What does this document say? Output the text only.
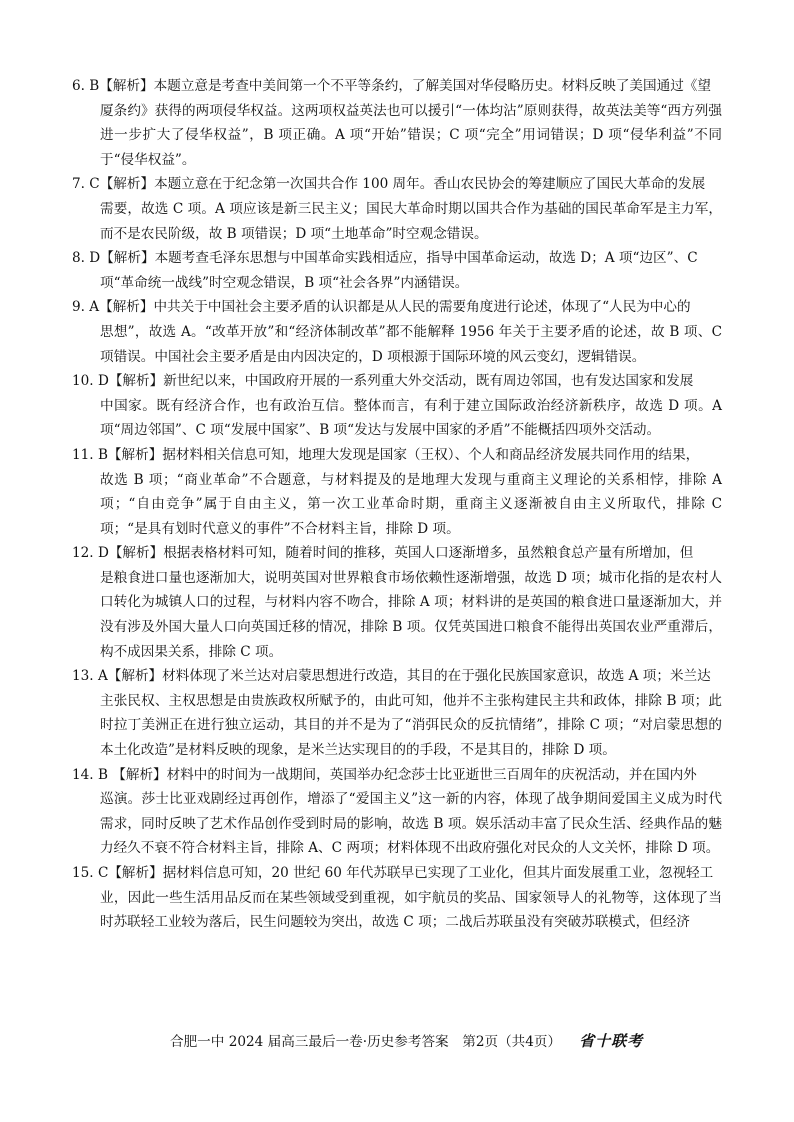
6. B【解析】本题立意是考查中美间第一个不平等条约，了解美国对华侵略历史。材料反映了美国通过《望
厦条约》获得的两项侵华权益。这两项权益英法也可以援引“一体均沾”原则获得，故英法美等“西方列强进一步扩大了侵华权益”，B 项正确。A 项“开始”错误；C 项“完全”用词错误；D 项“侵华利益”不同于“侵华权益”。
7. C【解析】本题立意在于纪念第一次国共合作 100 周年。香山农民协会的筹建顺应了国民大革命的发展
需要，故选 C 项。A 项应该是新三民主义；国民大革命时期以国共合作为基础的国民革命军是主力军，而不是农民阶级，故 B 项错误；D 项“土地革命”时空观念错误。
8. D【解析】本题考查毛泽东思想与中国革命实践相适应，指导中国革命运动，故选 D；A 项“边区”、C
项“革命统一战线”时空观念错误，B 项“社会各界”内涵错误。
9. A【解析】中共关于中国社会主要矛盾的认识都是从人民的需要角度进行论述，体现了“人民为中心的
思想”，故选 A。“改革开放”和“经济体制改革”都不能解释 1956 年关于主要矛盾的论述，故 B 项、C 项错误。中国社会主要矛盾是由内因决定的，D 项根源于国际环境的风云变幻，逻辑错误。
10. D【解析】新世纪以来，中国政府开展的一系列重大外交活动，既有周边邻国，也有发达国家和发展
中国家。既有经济合作，也有政治互信。整体而言，有利于建立国际政治经济新秩序，故选 D 项。A 项“周边邻国”、C 项“发展中国家”、B 项“发达与发展中国家的矛盾”不能概括四项外交活动。
11. B【解析】据材料相关信息可知，地理大发现是国家（王权）、个人和商品经济发展共同作用的结果，
故选 B 项；“商业革命”不合题意，与材料提及的是地理大发现与重商主义理论的关系相悖，排除 A 项；“自由竞争”属于自由主义，第一次工业革命时期，重商主义逐渐被自由主义所取代，排除 C 项；“是具有划时代意义的事件”不合材料主旨，排除 D 项。
12. D【解析】根据表格材料可知，随着时间的推移，英国人口逐渐增多，虽然粮食总产量有所增加，但
是粮食进口量也逐渐加大，说明英国对世界粮食市场依赖性逐渐增强，故选 D 项；城市化指的是农村人口转化为城镇人口的过程，与材料内容不吻合，排除 A 项；材料讲的是英国的粮食进口量逐渐加大，并没有涉及外国大量人口向英国迁移的情况，排除 B 项。仅凭英国进口粮食不能得出英国农业严重滞后，构不成因果关系，排除 C 项。
13. A【解析】材料体现了米兰达对启蒙思想进行改造，其目的在于强化民族国家意识，故选 A 项；米兰达
主张民权、主权思想是由贵族政权所赋予的，由此可知，他并不主张构建民主共和政体，排除 B 项；此时拉丁美洲正在进行独立运动，其目的并不是为了“消弭民众的反抗情绪”，排除 C 项；“对启蒙思想的本土化改造”是材料反映的现象，是米兰达实现目的的手段，不是其目的，排除 D 项。
14. B 【解析】材料中的时间为一战期间，英国举办纪念莎士比亚逝世三百周年的庆祝活动，并在国内外
巡演。莎士比亚戏剧经过再创作，增添了“爱国主义”这一新的内容，体现了战争期间爱国主义成为时代需求，同时反映了艺术作品创作受到时局的影响，故选 B 项。娱乐活动丰富了民众生活、经典作品的魅力经久不衰不符合材料主旨，排除 A、C 两项；材料体现不出政府强化对民众的人文关怀，排除 D 项。
15. C【解析】据材料信息可知，20 世纪 60 年代苏联早已实现了工业化，但其片面发展重工业，忽视轻工
业，因此一些生活用品反而在某些领域受到重视，如宇航员的奖品、国家领导人的礼物等，这体现了当时苏联轻工业较为落后，民生问题较为突出，故选 C 项；二战后苏联虽没有突破苏联模式，但经济
合肥一中 2024 届高三最后一卷·历史参考答案　第2页（共4页） 省十联考
